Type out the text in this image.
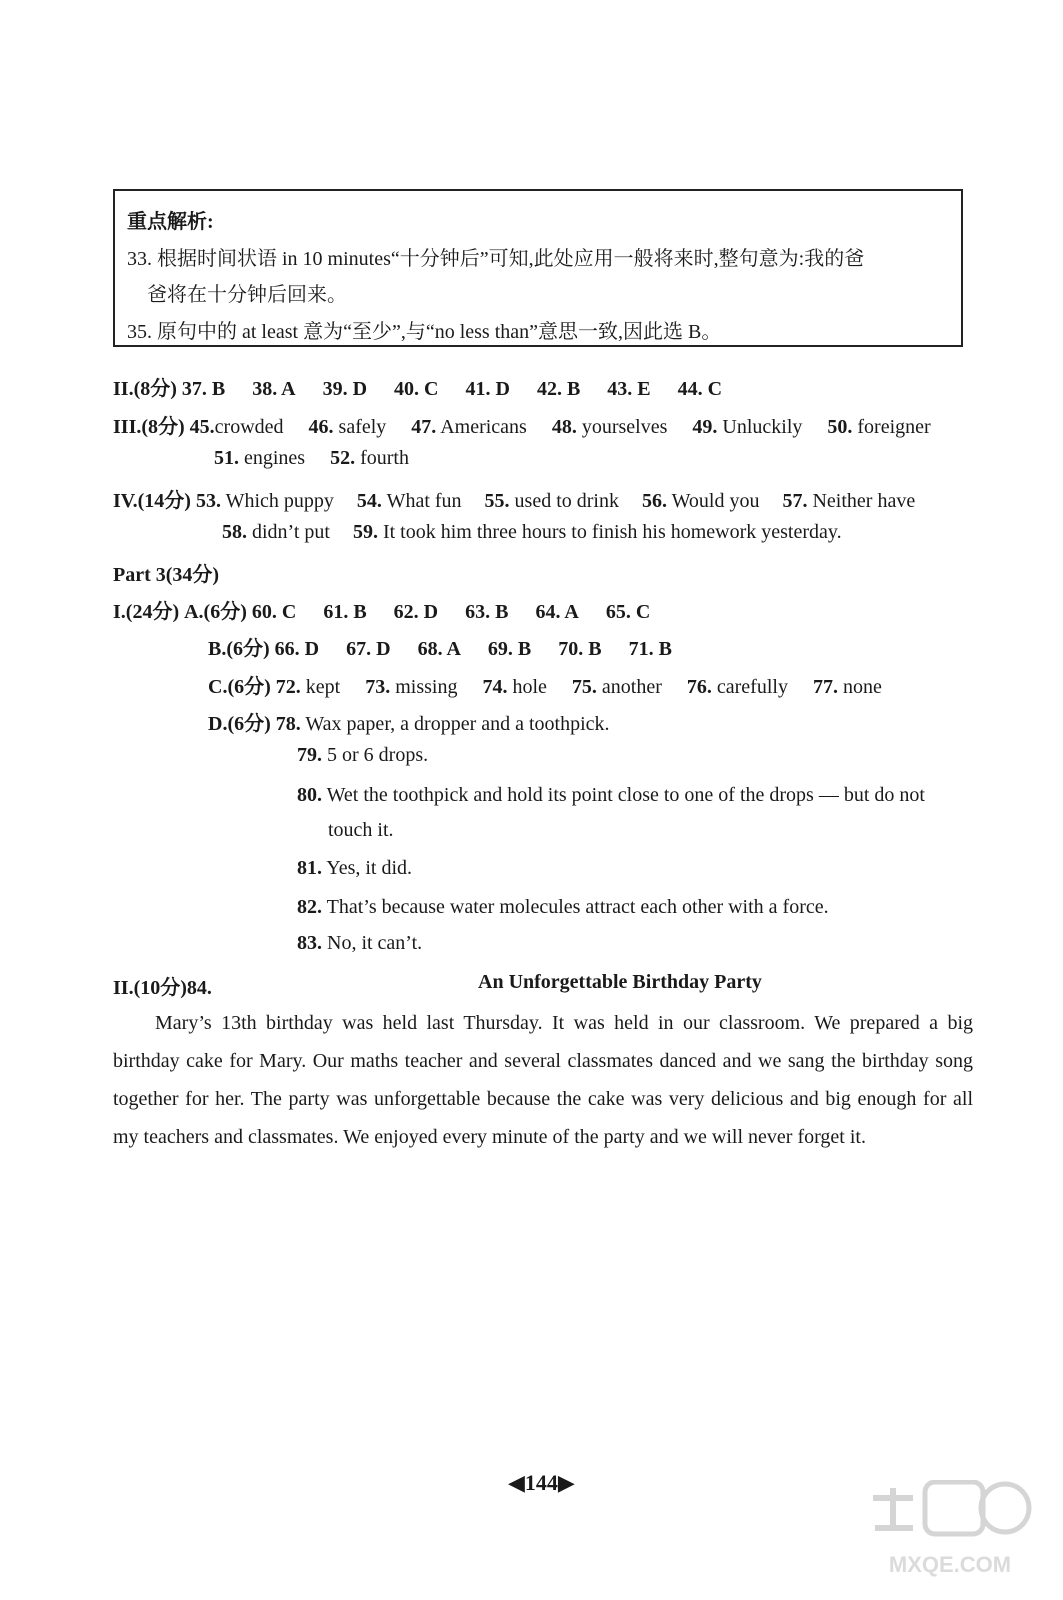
重点解析:
33. 根据时间状语 in 10 minutes“十分钟后”可知,此处应用一般将来时,整句意为:我的爸
爸将在十分钟后回来。
35. 原句中的 at least 意为“至少”,与“no less than”意思一致,因此选 B。
II.(8分) 37. B 38. A 39. D 40. C 41. D 42. B 43. E 44. C
III.(8分) 45.crowded 46. safely 47. Americans 48. yourselves 49. Unluckily 50. foreigner
51. engines 52. fourth
IV.(14分) 53. Which puppy 54. What fun 55. used to drink 56. Would you 57. Neither have
58. didn’t put 59. It took him three hours to finish his homework yesterday.
Part 3(34分)
I.(24分) A.(6分) 60. C 61. B 62. D 63. B 64. A 65. C
B.(6分) 66. D 67. D 68. A 69. B 70. B 71. B
C.(6分) 72. kept 73. missing 74. hole 75. another 76. carefully 77. none
D.(6分) 78. Wax paper, a dropper and a toothpick.
79. 5 or 6 drops.
80. Wet the toothpick and hold its point close to one of the drops — but do not
touch it.
81. Yes, it did.
82. That’s because water molecules attract each other with a force.
83. No, it can’t.
II.(10分)84.	An Unforgettable Birthday Party

Mary’s 13th birthday was held last Thursday. It was held in our classroom. We prepared a big birthday cake for Mary. Our maths teacher and several classmates danced and we sang the birthday song together for her. The party was unforgettable because the cake was very delicious and big enough for all my teachers and classmates. We enjoyed every minute of the party and we will never forget it.

◀144▶
MXQE.COM
